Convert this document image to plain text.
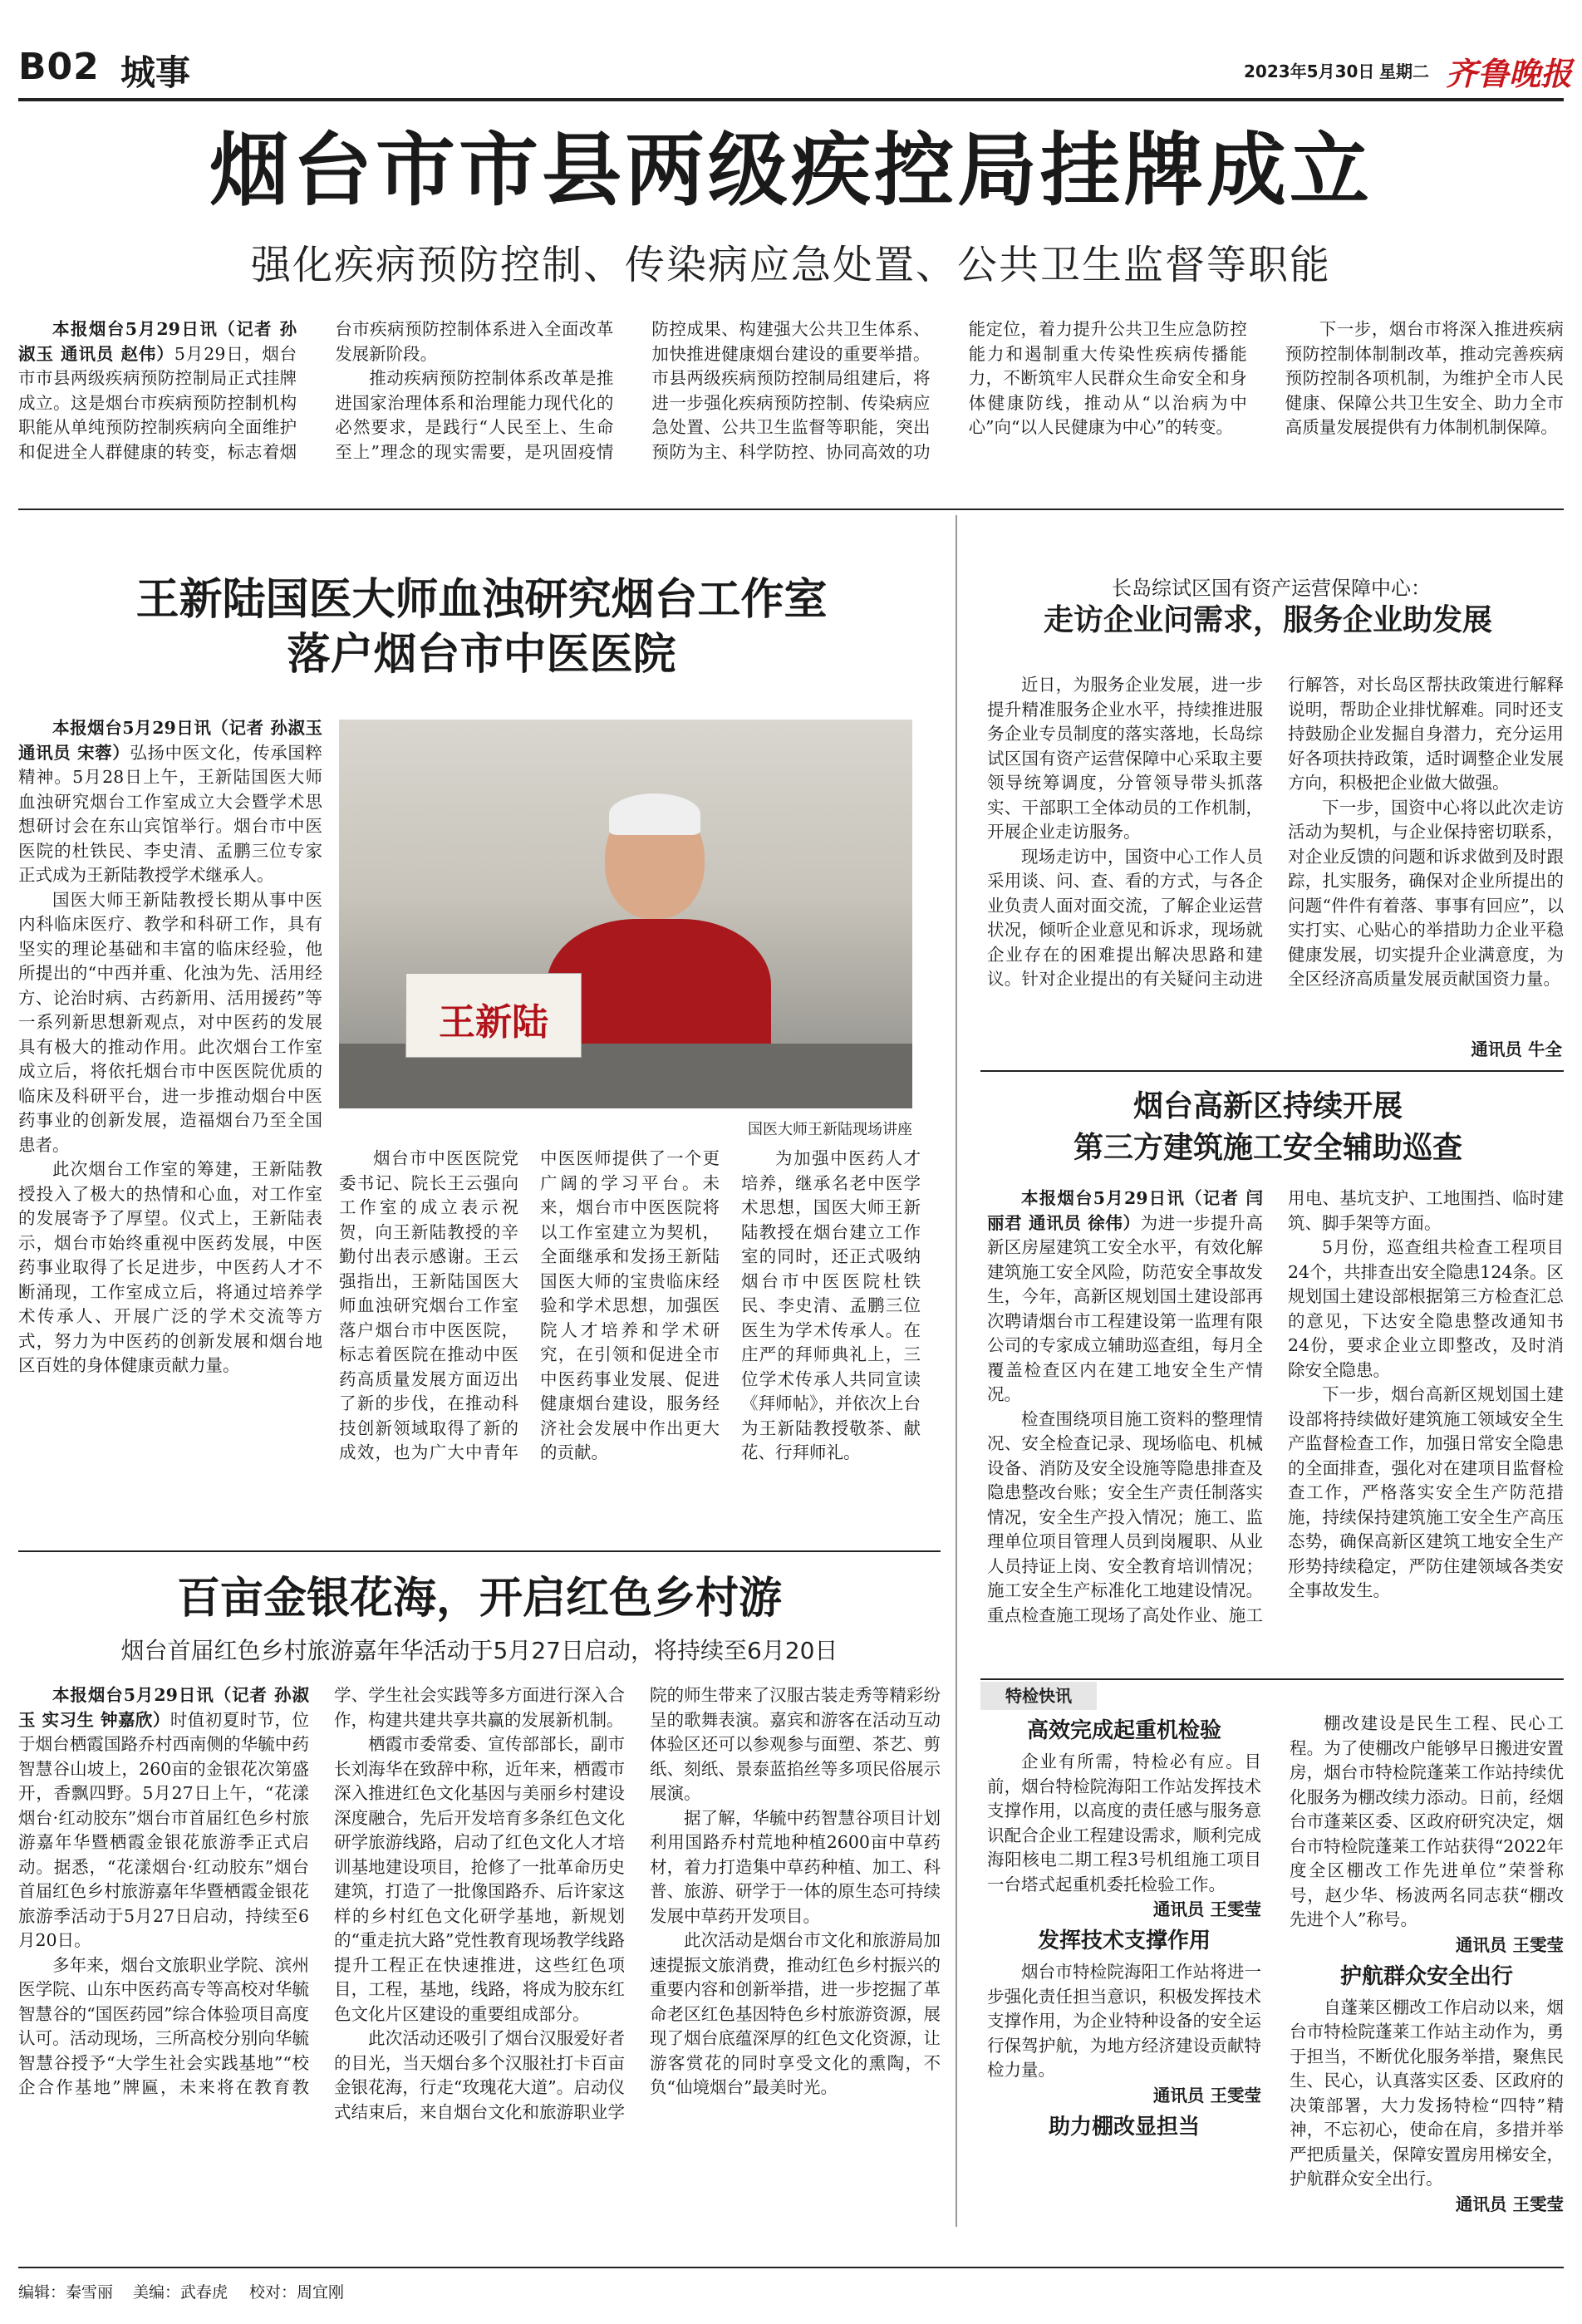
B02 城事	2023年5月30日 星期二 齐鲁晚报
烟台市市县两级疾控局挂牌成立
强化疾病预防控制、传染病应急处置、公共卫生监督等职能

本报烟台5月29日讯（记者 孙淑玉 通讯员 赵伟）5月29日，烟台市市县两级疾病预防控制局正式挂牌成立。这是烟台市疾病预防控制机构职能从单纯预防控制疾病向全面维护和促进全人群健康的转变，标志着烟台市疾病预防控制体系进入全面改革发展新阶段。

推动疾病预防控制体系改革是推进国家治理体系和治理能力现代化的必然要求，是践行“人民至上、生命至上”理念的现实需要，是巩固疫情防控成果、构建强大公共卫生体系、加快推进健康烟台建设的重要举措。市县两级疾病预防控制局组建后，将进一步强化疾病预防控制、传染病应急处置、公共卫生监督等职能，突出预防为主、科学防控、协同高效的功能定位，着力提升公共卫生应急防控能力和遏制重大传染性疾病传播能力，不断筑牢人民群众生命安全和身体健康防线，推动从“以治病为中心”向“以人民健康为中心”的转变。

下一步，烟台市将深入推进疾病预防控制体制制改革，推动完善疾病预防控制各项机制，为维护全市人民健康、保障公共卫生安全、助力全市高质量发展提供有力体制机制保障。

王新陆国医大师血浊研究烟台工作室
落户烟台市中医医院

本报烟台5月29日讯（记者 孙淑玉 通讯员 宋蓉）弘扬中医文化，传承国粹精神。5月28日上午，王新陆国医大师血浊研究烟台工作室成立大会暨学术思想研讨会在东山宾馆举行。烟台市中医医院的杜铁民、李史清、孟鹏三位专家正式成为王新陆教授学术继承人。

国医大师王新陆教授长期从事中医内科临床医疗、教学和科研工作，具有坚实的理论基础和丰富的临床经验，他所提出的“中西并重、化浊为先、活用经方、论治时病、古药新用、活用援药”等一系列新思想新观点，对中医药的发展具有极大的推动作用。此次烟台工作室成立后，将依托烟台市中医医院优质的临床及科研平台，进一步推动烟台中医药事业的创新发展，造福烟台乃至全国患者。

此次烟台工作室的筹建，王新陆教授投入了极大的热情和心血，对工作室的发展寄予了厚望。仪式上，王新陆表示，烟台市始终重视中医药发展，中医药事业取得了长足进步，中医药人才不断涌现，工作室成立后，将通过培养学术传承人、开展广泛的学术交流等方式，努力为中医药的创新发展和烟台地区百姓的身体健康贡献力量。

王新陆
国医大师王新陆现场讲座

烟台市中医医院党委书记、院长王云强向工作室的成立表示祝贺，向王新陆教授的辛勤付出表示感谢。王云强指出，王新陆国医大师血浊研究烟台工作室落户烟台市中医医院，标志着医院在推动中医药高质量发展方面迈出了新的步伐，在推动科技创新领域取得了新的成效，也为广大中青年中医医师提供了一个更广阔的学习平台。未来，烟台市中医医院将以工作室建立为契机，全面继承和发扬王新陆国医大师的宝贵临床经验和学术思想，加强医院人才培养和学术研究，在引领和促进全市中医药事业发展、促进健康烟台建设，服务经济社会发展中作出更大的贡献。

为加强中医药人才培养，继承名老中医学术思想，国医大师王新陆教授在烟台建立工作室的同时，还正式吸纳烟台市中医医院杜铁民、李史清、孟鹏三位医生为学术传承人。在庄严的拜师典礼上，三位学术传承人共同宣读《拜师帖》，并依次上台为王新陆教授敬茶、献花、行拜师礼。

长岛综试区国有资产运营保障中心：
走访企业问需求，服务企业助发展

近日，为服务企业发展，进一步提升精准服务企业水平，持续推进服务企业专员制度的落实落地，长岛综试区国有资产运营保障中心采取主要领导统筹调度，分管领导带头抓落实、干部职工全体动员的工作机制，开展企业走访服务。

现场走访中，国资中心工作人员采用谈、问、查、看的方式，与各企业负责人面对面交流，了解企业运营状况，倾听企业意见和诉求，现场就企业存在的困难提出解决思路和建议。针对企业提出的有关疑问主动进行解答，对长岛区帮扶政策进行解释说明，帮助企业排忧解难。同时还支持鼓励企业发掘自身潜力，充分运用好各项扶持政策，适时调整企业发展方向，积极把企业做大做强。

下一步，国资中心将以此次走访活动为契机，与企业保持密切联系，对企业反馈的问题和诉求做到及时跟踪，扎实服务，确保对企业所提出的问题“件件有着落、事事有回应”，以实打实、心贴心的举措助力企业平稳健康发展，切实提升企业满意度，为全区经济高质量发展贡献国资力量。

通讯员 牛全

烟台高新区持续开展
第三方建筑施工安全辅助巡查

本报烟台5月29日讯（记者 闫丽君 通讯员 徐伟）为进一步提升高新区房屋建筑工安全水平，有效化解建筑施工安全风险，防范安全事故发生，今年，高新区规划国土建设部再次聘请烟台市工程建设第一监理有限公司的专家成立辅助巡查组，每月全覆盖检查区内在建工地安全生产情况。

检查围绕项目施工资料的整理情况、安全检查记录、现场临电、机械设备、消防及安全设施等隐患排查及隐患整改台账；安全生产责任制落实情况，安全生产投入情况；施工、监理单位项目管理人员到岗履职、从业人员持证上岗、安全教育培训情况；施工安全生产标准化工地建设情况。重点检查施工现场了高处作业、施工用电、基坑支护、工地围挡、临时建筑、脚手架等方面。

5月份，巡查组共检查工程项目24个，共排查出安全隐患124条。区规划国土建设部根据第三方检查汇总的意见，下达安全隐患整改通知书24份，要求企业立即整改，及时消除安全隐患。

下一步，烟台高新区规划国土建设部将持续做好建筑施工领域安全生产监督检查工作，加强日常安全隐患的全面排查，强化对在建项目监督检查工作，严格落实安全生产防范措施，持续保持建筑施工安全生产高压态势，确保高新区建筑工地安全生产形势持续稳定，严防住建领域各类安全事故发生。

百亩金银花海，开启红色乡村游
烟台首届红色乡村旅游嘉年华活动于5月27日启动，将持续至6月20日

本报烟台5月29日讯（记者 孙淑玉 实习生 钟嘉欣）时值初夏时节，位于烟台栖霞国路乔村西南侧的华毓中药智慧谷山坡上，260亩的金银花次第盛开，香飘四野。5月27日上午，“花漾烟台·红动胶东”烟台市首届红色乡村旅游嘉年华暨栖霞金银花旅游季正式启动。据悉，“花漾烟台·红动胶东”烟台首届红色乡村旅游嘉年华暨栖霞金银花旅游季活动于5月27日启动，持续至6月20日。

多年来，烟台文旅职业学院、滨州医学院、山东中医药高专等高校对华毓智慧谷的“国医药园”综合体验项目高度认可。活动现场，三所高校分别向华毓智慧谷授予“大学生社会实践基地”“校企合作基地”牌匾，未来将在教育教学、学生社会实践等多方面进行深入合作，构建共建共享共赢的发展新机制。

栖霞市委常委、宣传部部长，副市长刘海华在致辞中称，近年来，栖霞市深入推进红色文化基因与美丽乡村建设深度融合，先后开发培育多条红色文化研学旅游线路，启动了红色文化人才培训基地建设项目，抢修了一批革命历史建筑，打造了一批像国路乔、后许家这样的乡村红色文化研学基地，新规划的“重走抗大路”党性教育现场教学线路提升工程正在快速推进，这些红色项目，工程，基地，线路，将成为胶东红色文化片区建设的重要组成部分。

此次活动还吸引了烟台汉服爱好者的目光，当天烟台多个汉服社打卡百亩金银花海，行走“玫瑰花大道”。启动仪式结束后，来自烟台文化和旅游职业学院的师生带来了汉服古装走秀等精彩纷呈的歌舞表演。嘉宾和游客在活动互动体验区还可以参观参与面塑、茶艺、剪纸、刻纸、景泰蓝掐丝等多项民俗展示展演。

据了解，华毓中药智慧谷项目计划利用国路乔村荒地种植2600亩中草药材，着力打造集中草药种植、加工、科普、旅游、研学于一体的原生态可持续发展中草药开发项目。

此次活动是烟台市文化和旅游局加速提振文旅消费，推动红色乡村振兴的重要内容和创新举措，进一步挖掘了革命老区红色基因特色乡村旅游资源，展现了烟台底蕴深厚的红色文化资源，让游客赏花的同时享受文化的熏陶，不负“仙境烟台”最美时光。

特检快讯
高效完成起重机检验

企业有所需，特检必有应。目前，烟台特检院海阳工作站发挥技术支撑作用，以高度的责任感与服务意识配合企业工程建设需求，顺利完成海阳核电二期工程3号机组施工项目一台塔式起重机委托检验工作。

通讯员 王雯莹

发挥技术支撑作用

烟台市特检院海阳工作站将进一步强化责任担当意识，积极发挥技术支撑作用，为企业特种设备的安全运行保驾护航，为地方经济建设贡献特检力量。

通讯员 王雯莹

助力棚改显担当

棚改建设是民生工程、民心工程。为了使棚改户能够早日搬进安置房，烟台市特检院蓬莱工作站持续优化服务为棚改续力添动。日前，经烟台市蓬莱区委、区政府研究决定，烟台市特检院蓬莱工作站获得“2022年度全区棚改工作先进单位”荣誉称号，赵少华、杨波两名同志获“棚改先进个人”称号。

通讯员 王雯莹

护航群众安全出行

自蓬莱区棚改工作启动以来，烟台市特检院蓬莱工作站主动作为，勇于担当，不断优化服务举措，聚焦民生、民心，认真落实区委、区政府的决策部署，大力发扬特检“四特”精神，不忘初心，使命在肩，多措并举严把质量关，保障安置房用梯安全，护航群众安全出行。

通讯员 王雯莹

编辑：秦雪丽 美编：武春虎 校对：周宜刚
